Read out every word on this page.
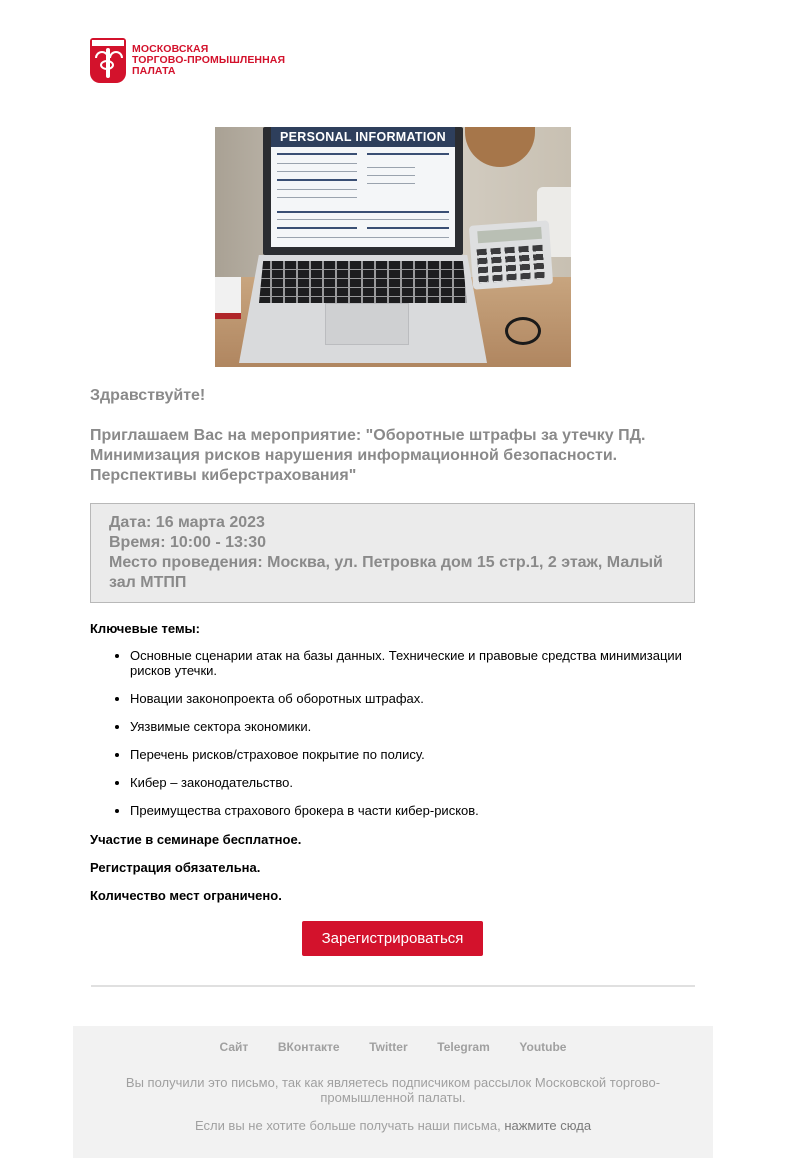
МОСКОВСКАЯ
ТОРГОВО-ПРОМЫШЛЕННАЯ
ПАЛАТА
PERSONAL INFORMATION
Здравствуйте!
Приглашаем Вас на мероприятие: "Оборотные штрафы за утечку ПД. Минимизация рисков нарушения информационной безопасности. Перспективы киберстрахования"
Дата: 16 марта 2023
Время: 10:00 - 13:30
Место проведения: Москва, ул. Петровка дом 15 стр.1, 2 этаж, Малый зал МТПП
Ключевые темы:
• Основные сценарии атак на базы данных. Технические и правовые средства минимизации рисков утечки.
• Новации законопроекта об оборотных штрафах.
• Уязвимые сектора экономики.
• Перечень рисков/страховое покрытие по полису.
• Кибер – законодательство.
• Преимущества страхового брокера в части кибер-рисков.
Участие в семинаре бесплатное.
Регистрация обязательна.
Количество мест ограничено.
Зарегистрироваться
Сайт ВКонтакте Twitter Telegram Youtube
Вы получили это письмо, так как являетесь подписчиком рассылок Московской торгово-промышленной палаты.
Если вы не хотите больше получать наши письма, нажмите сюда
